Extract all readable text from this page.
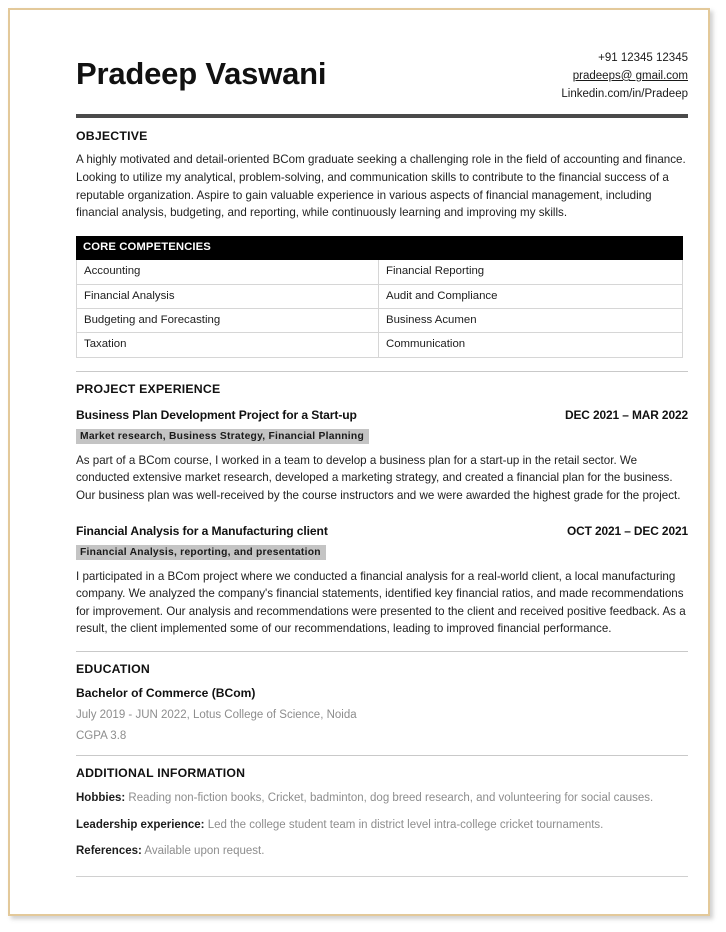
Pradeep Vaswani	+91 12345 12345
pradeeps@ gmail.com
Linkedin.com/in/Pradeep
OBJECTIVE

A highly motivated and detail-oriented BCom graduate seeking a challenging role in the field of accounting and finance. Looking to utilize my analytical, problem-solving, and communication skills to contribute to the financial success of a reputable organization. Aspire to gain valuable experience in various aspects of financial management, including financial analysis, budgeting, and reporting, while continuously learning and improving my skills.

CORE COMPETENCIES	
Accounting	Financial Reporting
Financial Analysis	Audit and Compliance
Budgeting and Forecasting	Business Acumen
Taxation	Communication
PROJECT EXPERIENCE
Business Plan Development Project for a Start-up	DEC 2021 – MAR 2022
Market research, Business Strategy, Financial Planning

As part of a BCom course, I worked in a team to develop a business plan for a start-up in the retail sector. We conducted extensive market research, developed a marketing strategy, and created a financial plan for the business. Our business plan was well-received by the course instructors and we were awarded the highest grade for the project.

Financial Analysis for a Manufacturing client	OCT 2021 – DEC 2021
Financial Analysis, reporting, and presentation

I participated in a BCom project where we conducted a financial analysis for a real-world client, a local manufacturing company. We analyzed the company's financial statements, identified key financial ratios, and made recommendations for improvement. Our analysis and recommendations were presented to the client and received positive feedback. As a result, the client implemented some of our recommendations, leading to improved financial performance.

EDUCATION
Bachelor of Commerce (BCom)
July 2019 - JUN 2022, Lotus College of Science, Noida
CGPA 3.8
ADDITIONAL INFORMATION

Hobbies: Reading non-fiction books, Cricket, badminton, dog breed research, and volunteering for social causes.

Leadership experience: Led the college student team in district level intra-college cricket tournaments.

References: Available upon request.
